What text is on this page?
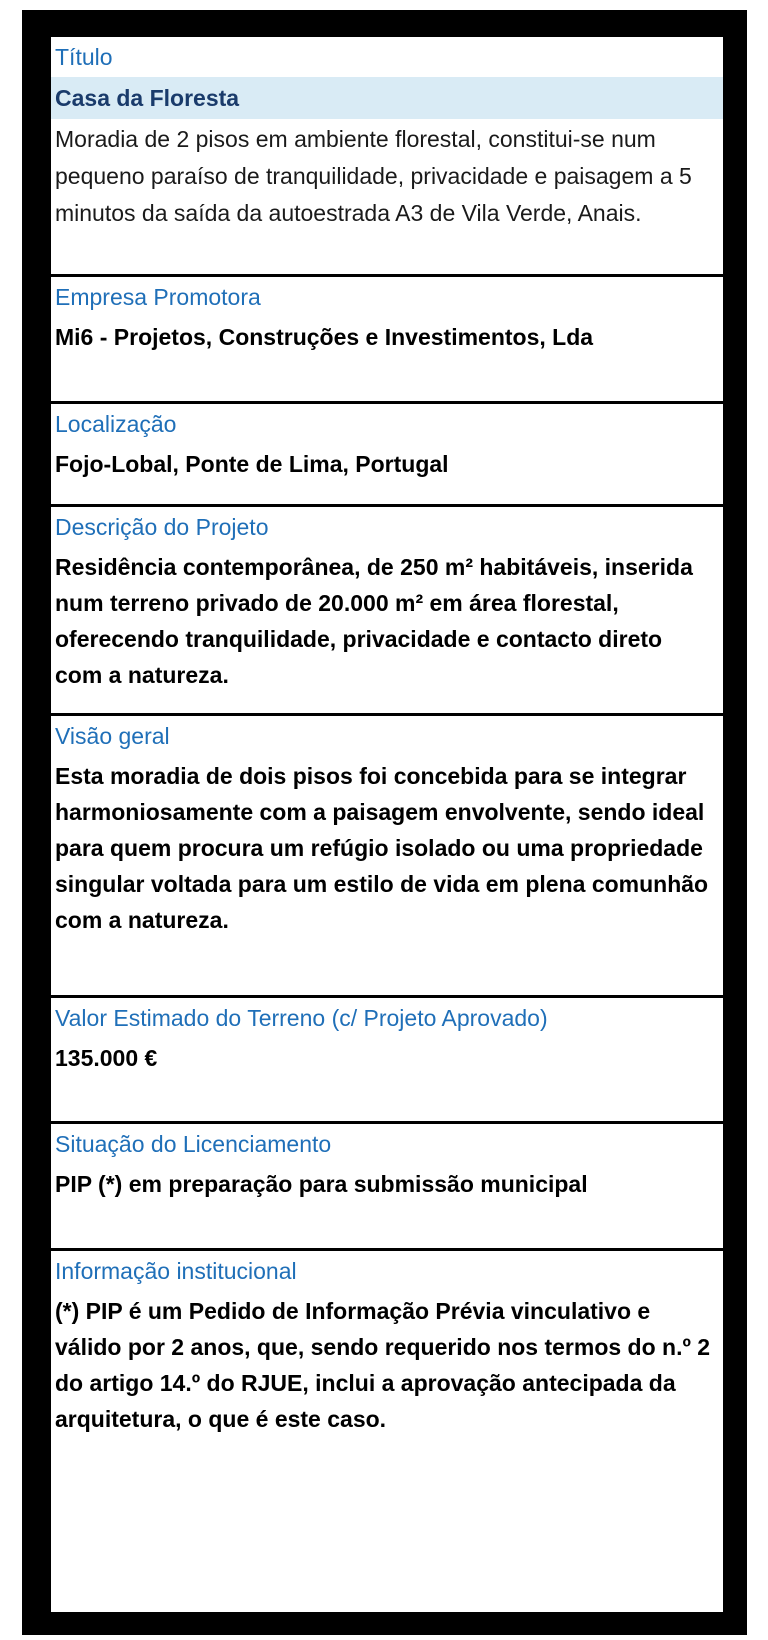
Título
Casa da Floresta
Moradia de 2 pisos em ambiente florestal, constitui-se num pequeno paraíso de tranquilidade, privacidade e paisagem a 5 minutos da saída da autoestrada A3 de Vila Verde, Anais.
Empresa Promotora
Mi6 - Projetos, Construções e Investimentos, Lda
Localização
Fojo-Lobal, Ponte de Lima, Portugal
Descrição do Projeto
Residência contemporânea, de 250 m² habitáveis, inserida num terreno privado de 20.000 m² em área florestal, oferecendo tranquilidade, privacidade e contacto direto com a natureza.
Visão geral
Esta moradia de dois pisos foi concebida para se integrar harmoniosamente com a paisagem envolvente, sendo ideal para quem procura um refúgio isolado ou uma propriedade singular voltada para um estilo de vida em plena comunhão com a natureza.
Valor Estimado do Terreno (c/ Projeto Aprovado)
135.000 €
Situação do Licenciamento
PIP (*) em preparação para submissão municipal
Informação institucional
(*) PIP é um Pedido de Informação Prévia vinculativo e válido por 2 anos, que, sendo requerido nos termos do n.º 2 do artigo 14.º do RJUE, inclui a aprovação antecipada da arquitetura, o que é este caso.
